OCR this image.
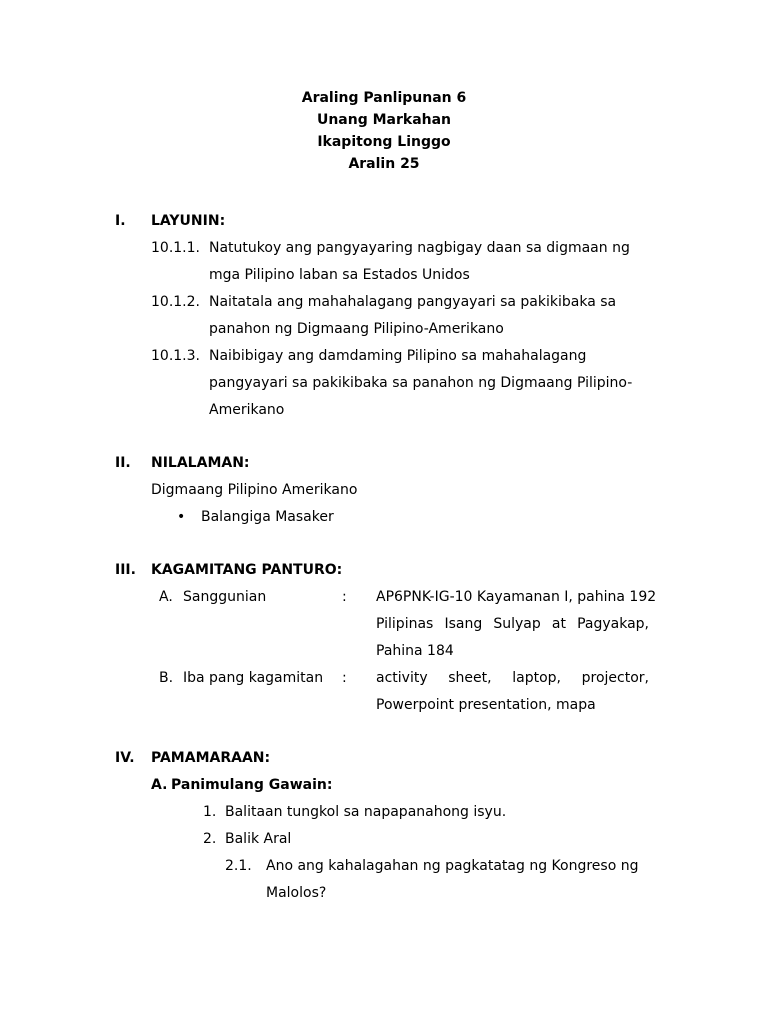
Araling Panlipunan 6
Unang Markahan
Ikapitong Linggo
Aralin 25
I. LAYUNIN:
10.1.1. Natutukoy ang pangyayaring nagbigay daan sa digmaan ng
mga Pilipino laban sa Estados Unidos
10.1.2. Naitatala ang mahahalagang pangyayari sa pakikibaka sa
panahon ng Digmaang Pilipino-Amerikano
10.1.3. Naibibigay ang damdaming Pilipino sa mahahalagang
pangyayari sa pakikibaka sa panahon ng Digmaang Pilipino-
Amerikano
II. NILALAMAN:
Digmaang Pilipino Amerikano
• Balangiga Masaker
III. KAGAMITANG PANTURO:
A. Sanggunian	: AP6PNK-IG-10 Kayamanan I, pahina 192
Pilipinas Isang Sulyap at Pagyakap,
Pahina 184
B. Iba pang kagamitan : activity sheet, laptop, projector,
Powerpoint presentation, mapa
IV. PAMAMARAAN:
A. Panimulang Gawain:
1. Balitaan tungkol sa napapanahong isyu.
2. Balik Aral
2.1. Ano ang kahalagahan ng pagkatatag ng Kongreso ng
Malolos?
